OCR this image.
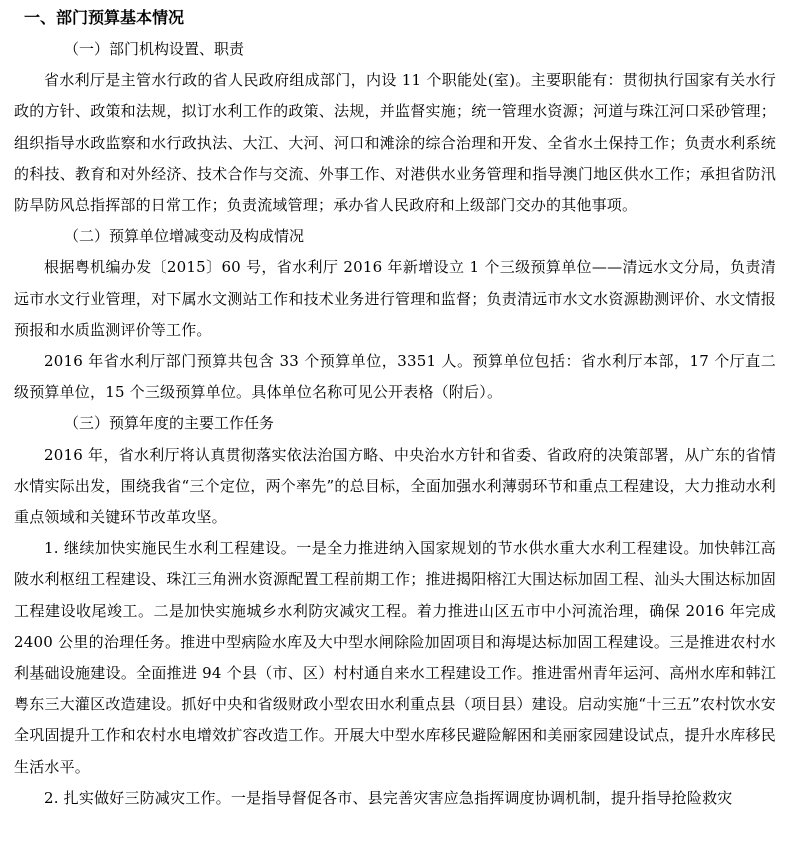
一、部门预算基本情况
（一）部门机构设置、职责

省水利厅是主管水行政的省人民政府组成部门，内设 11 个职能处(室)。主要职能有：贯彻执行国家有关水行政的方针、政策和法规，拟订水利工作的政策、法规，并监督实施；统一管理水资源；河道与珠江河口采砂管理；组织指导水政监察和水行政执法、大江、大河、河口和滩涂的综合治理和开发、全省水土保持工作；负责水利系统的科技、教育和对外经济、技术合作与交流、外事工作、对港供水业务管理和指导澳门地区供水工作；承担省防汛防旱防风总指挥部的日常工作；负责流域管理；承办省人民政府和上级部门交办的其他事项。

（二）预算单位增减变动及构成情况

根据粤机编办发〔2015〕60 号，省水利厅 2016 年新增设立 1 个三级预算单位——清远水文分局，负责清远市水文行业管理，对下属水文测站工作和技术业务进行管理和监督；负责清远市水文水资源勘测评价、水文情报预报和水质监测评价等工作。

2016 年省水利厅部门预算共包含 33 个预算单位，3351 人。预算单位包括：省水利厅本部，17 个厅直二级预算单位，15 个三级预算单位。具体单位名称可见公开表格（附后）。

（三）预算年度的主要工作任务

2016 年，省水利厅将认真贯彻落实依法治国方略、中央治水方针和省委、省政府的决策部署，从广东的省情水情实际出发，围绕我省“三个定位，两个率先”的总目标，全面加强水利薄弱环节和重点工程建设，大力推动水利重点领域和关键环节改革攻坚。

1. 继续加快实施民生水利工程建设。一是全力推进纳入国家规划的节水供水重大水利工程建设。加快韩江高陂水利枢纽工程建设、珠江三角洲水资源配置工程前期工作；推进揭阳榕江大围达标加固工程、汕头大围达标加固工程建设收尾竣工。二是加快实施城乡水利防灾减灾工程。着力推进山区五市中小河流治理，确保 2016 年完成 2400 公里的治理任务。推进中型病险水库及大中型水闸除险加固项目和海堤达标加固工程建设。三是推进农村水利基础设施建设。全面推进 94 个县（市、区）村村通自来水工程建设工作。推进雷州青年运河、高州水库和韩江粤东三大灌区改造建设。抓好中央和省级财政小型农田水利重点县（项目县）建设。启动实施“十三五”农村饮水安全巩固提升工作和农村水电增效扩容改造工作。开展大中型水库移民避险解困和美丽家园建设试点，提升水库移民生活水平。

2. 扎实做好三防减灾工作。一是指导督促各市、县完善灾害应急指挥调度协调机制，提升指导抢险救灾
